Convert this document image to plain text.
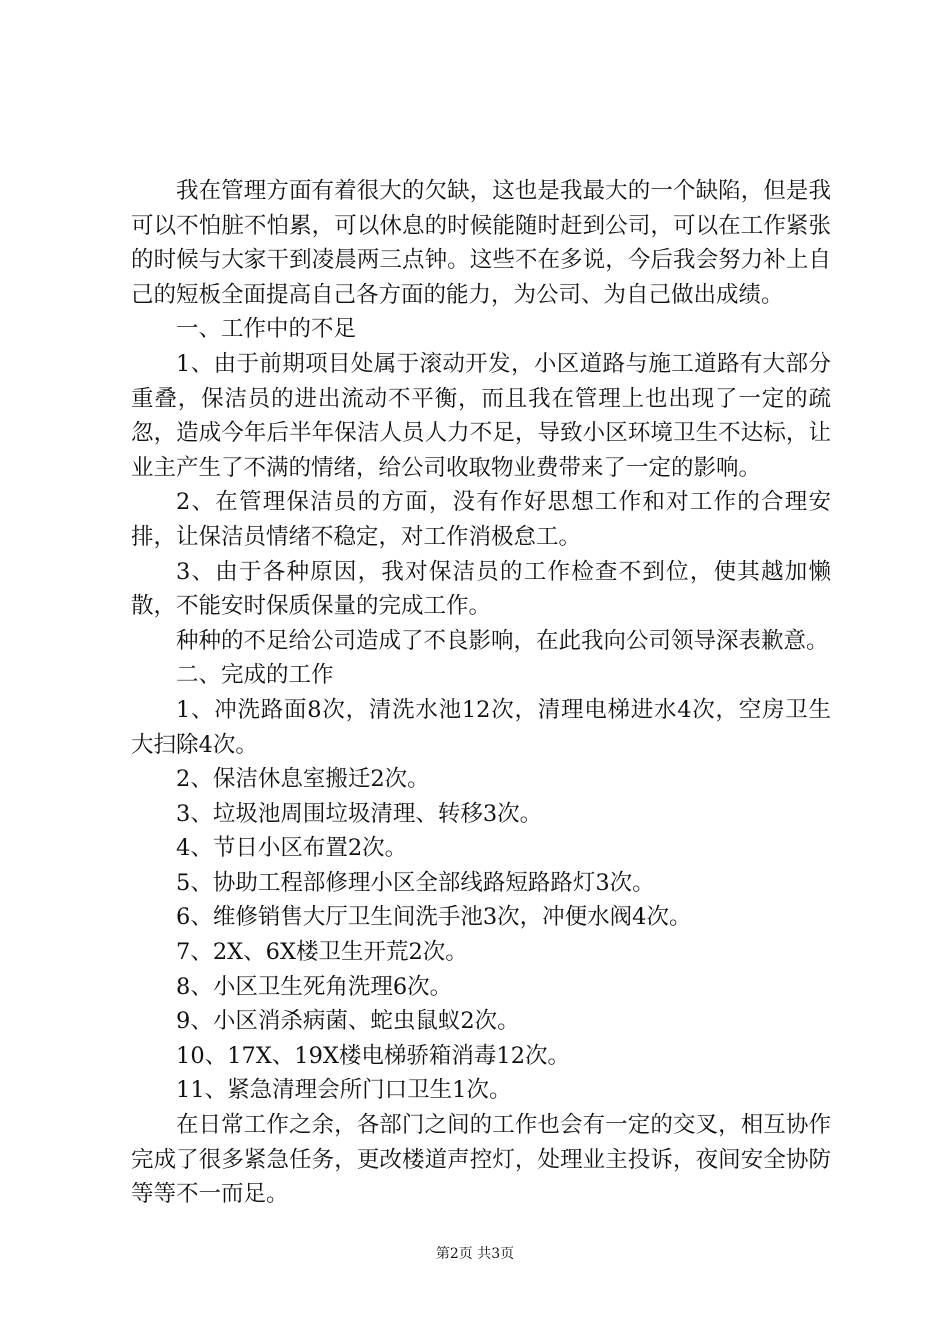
我在管理方面有着很大的欠缺，这也是我最大的一个缺陷，但是我可以不怕脏不怕累，可以休息的时候能随时赶到公司，可以在工作紧张的时候与大家干到凌晨两三点钟。这些不在多说，今后我会努力补上自己的短板全面提高自己各方面的能力，为公司、为自己做出成绩。

一、工作中的不足

1、由于前期项目处属于滚动开发，小区道路与施工道路有大部分重叠，保洁员的进出流动不平衡，而且我在管理上也出现了一定的疏忽，造成今年后半年保洁人员人力不足，导致小区环境卫生不达标，让业主产生了不满的情绪，给公司收取物业费带来了一定的影响。

2、在管理保洁员的方面，没有作好思想工作和对工作的合理安排，让保洁员情绪不稳定，对工作消极怠工。

3、由于各种原因，我对保洁员的工作检查不到位，使其越加懒散，不能安时保质保量的完成工作。

种种的不足给公司造成了不良影响，在此我向公司领导深表歉意。

二、完成的工作

1、冲洗路面8次，清洗水池12次，清理电梯进水4次，空房卫生大扫除4次。

2、保洁休息室搬迁2次。

3、垃圾池周围垃圾清理、转移3次。

4、节日小区布置2次。

5、协助工程部修理小区全部线路短路路灯3次。

6、维修销售大厅卫生间洗手池3次，冲便水阀4次。

7、2X、6X楼卫生开荒2次。

8、小区卫生死角洗理6次。

9、小区消杀病菌、蛇虫鼠蚁2次。

10、17X、19X楼电梯骄箱消毒12次。

11、紧急清理会所门口卫生1次。

在日常工作之余，各部门之间的工作也会有一定的交叉，相互协作完成了很多紧急任务，更改楼道声控灯，处理业主投诉，夜间安全协防等等不一而足。

第2页 共3页
